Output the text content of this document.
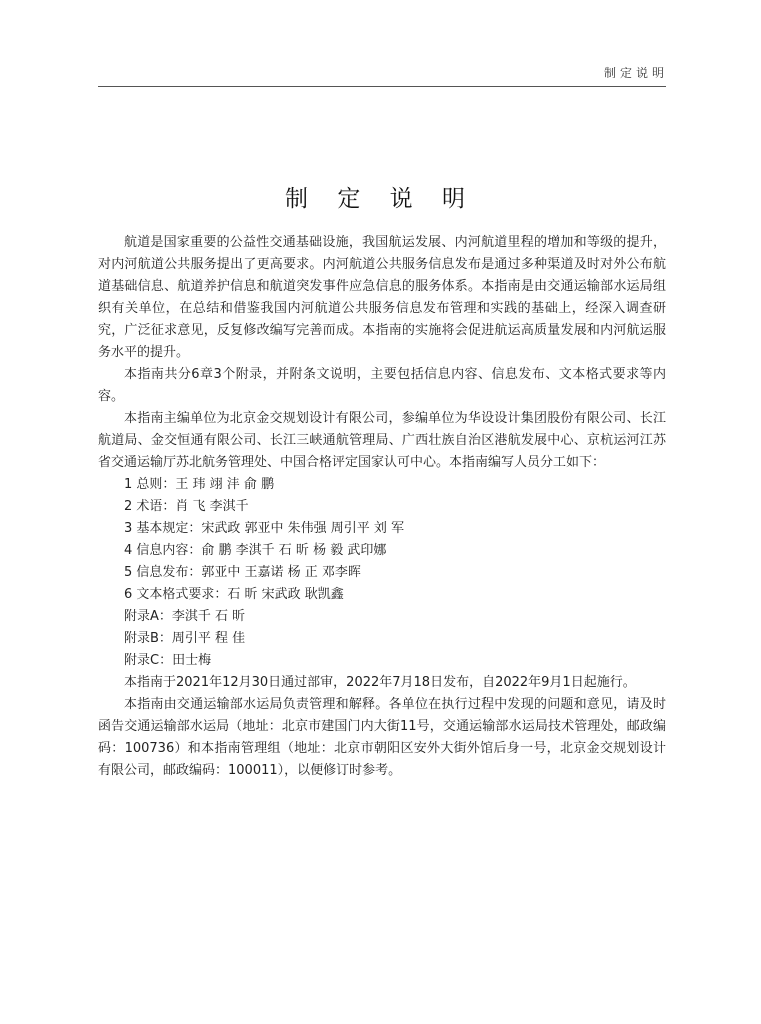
制定说明
制 定 说 明

航道是国家重要的公益性交通基础设施，我国航运发展、内河航道里程的增加和等级的提升，对内河航道公共服务提出了更高要求。内河航道公共服务信息发布是通过多种渠道及时对外公布航道基础信息、航道养护信息和航道突发事件应急信息的服务体系。本指南是由交通运输部水运局组织有关单位，在总结和借鉴我国内河航道公共服务信息发布管理和实践的基础上，经深入调查研究，广泛征求意见，反复修改编写完善而成。本指南的实施将会促进航运高质量发展和内河航运服务水平的提升。

本指南共分6章3个附录，并附条文说明，主要包括信息内容、信息发布、文本格式要求等内容。

本指南主编单位为北京金交规划设计有限公司，参编单位为华设设计集团股份有限公司、长江航道局、金交恒通有限公司、长江三峡通航管理局、广西壮族自治区港航发展中心、京杭运河江苏省交通运输厅苏北航务管理处、中国合格评定国家认可中心。本指南编写人员分工如下：

1 总则：王 玮 翊 沣 俞 鹏
2 术语：肖 飞 李淇千
3 基本规定：宋武政 郭亚中 朱伟强 周引平 刘 军
4 信息内容：俞 鹏 李淇千 石 昕 杨 毅 武印娜
5 信息发布：郭亚中 王嘉诺 杨 正 邓李晖
6 文本格式要求：石 昕 宋武政 耿凯鑫
附录A：李淇千 石 昕
附录B：周引平 程 佳
附录C：田士梅

本指南于2021年12月30日通过部审，2022年7月18日发布，自2022年9月1日起施行。

本指南由交通运输部水运局负责管理和解释。各单位在执行过程中发现的问题和意见，请及时函告交通运输部水运局（地址：北京市建国门内大街11号，交通运输部水运局技术管理处，邮政编码：100736）和本指南管理组（地址：北京市朝阳区安外大街外馆后身一号，北京金交规划设计有限公司，邮政编码：100011），以便修订时参考。
